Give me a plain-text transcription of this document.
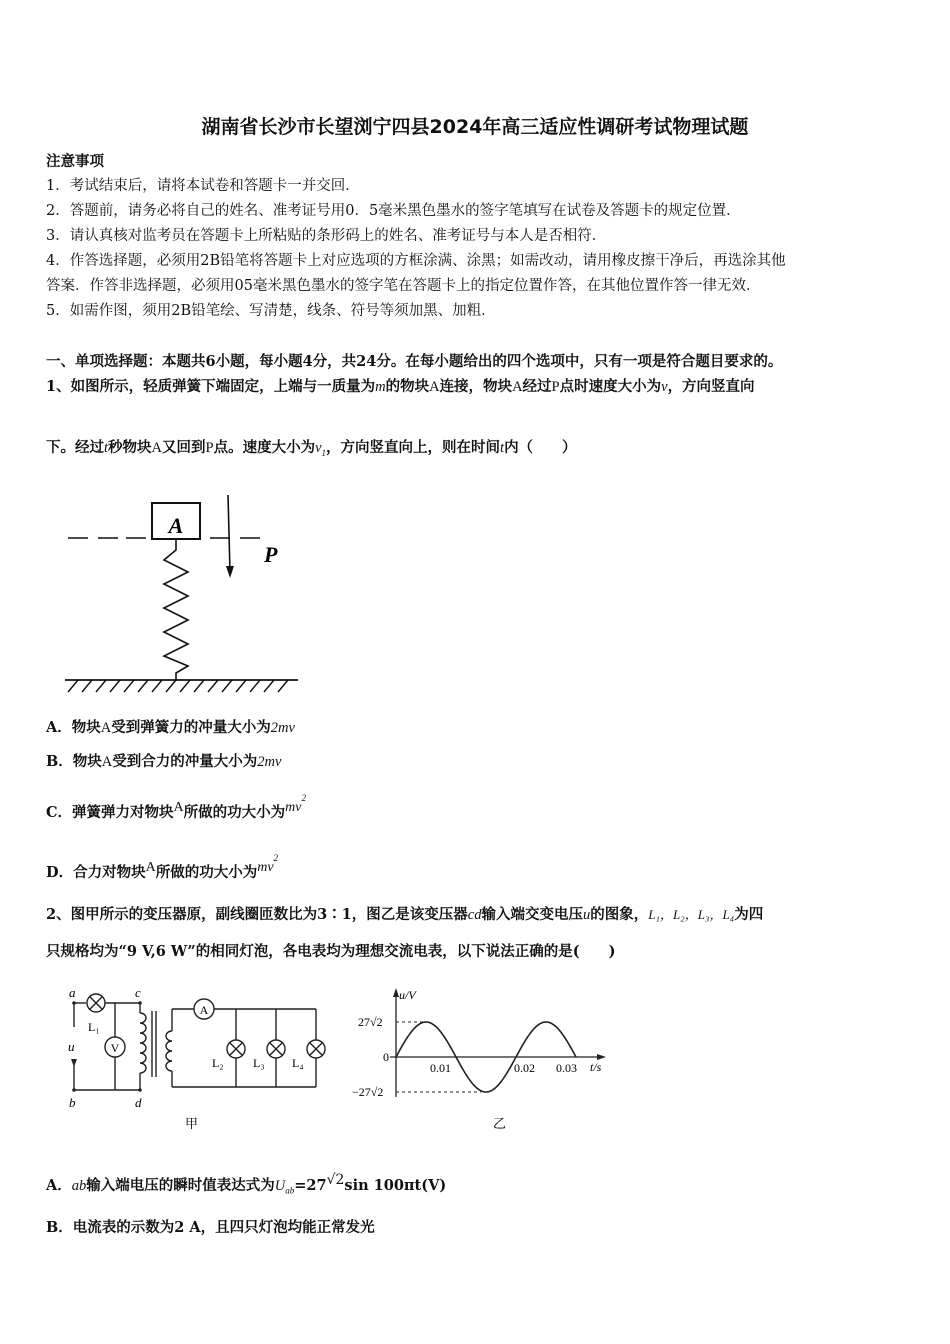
湖南省长沙市长望浏宁四县2024年高三适应性调研考试物理试题
注意事项
1．考试结束后，请将本试卷和答题卡一并交回．
2．答题前，请务必将自己的姓名、准考证号用0．5毫米黑色墨水的签字笔填写在试卷及答题卡的规定位置．
3．请认真核对监考员在答题卡上所粘贴的条形码上的姓名、准考证号与本人是否相符．
4．作答选择题，必须用2B铅笔将答题卡上对应选项的方框涂满、涂黑；如需改动，请用橡皮擦干净后，再选涂其他
答案．作答非选择题，必须用05毫米黑色墨水的签字笔在答题卡上的指定位置作答，在其他位置作答一律无效．
5．如需作图，须用2B铅笔绘、写清楚，线条、符号等须加黑、加粗．
一、单项选择题：本题共6小题，每小题4分，共24分。在每小题给出的四个选项中，只有一项是符合题目要求的。
1、如图所示，轻质弹簧下端固定，上端与一质量为m的物块A连接，物块A经过P点时速度大小为v，方向竖直向
下。经过t秒物块A又回到P点。速度大小为$v_1$，方向竖直向上，则在时间t内（　　）
A
P
A．物块A受到弹簧力的冲量大小为2mv
B．物块A受到合力的冲量大小为2mv
C．弹簧弹力对物块$^A$所做的功大小为$^{mv2}$
D．合力对物块$^A$所做的功大小为$^{mv2}$
2、图甲所示的变压器原，副线圈匝数比为3∶1，图乙是该变压器cd输入端交变电压u的图象，L₁，L₂，L₃，L₄为四
只规格均为“9 V,6 W”的相同灯泡，各电表均为理想交流电表，以下说法正确的是(　　)
a
b
c
d
u
L₁
V
A
L₂ L₃ L₄
甲
u/V
t/s
27√2
0
−27√2
0.01	0.02 0.03
乙
A．ab输入端电压的瞬时值表达式为$U_{ab}=27^{√2}\sin$ 100πt(V)
B．电流表的示数为2 A，且四只灯泡均能正常发光
